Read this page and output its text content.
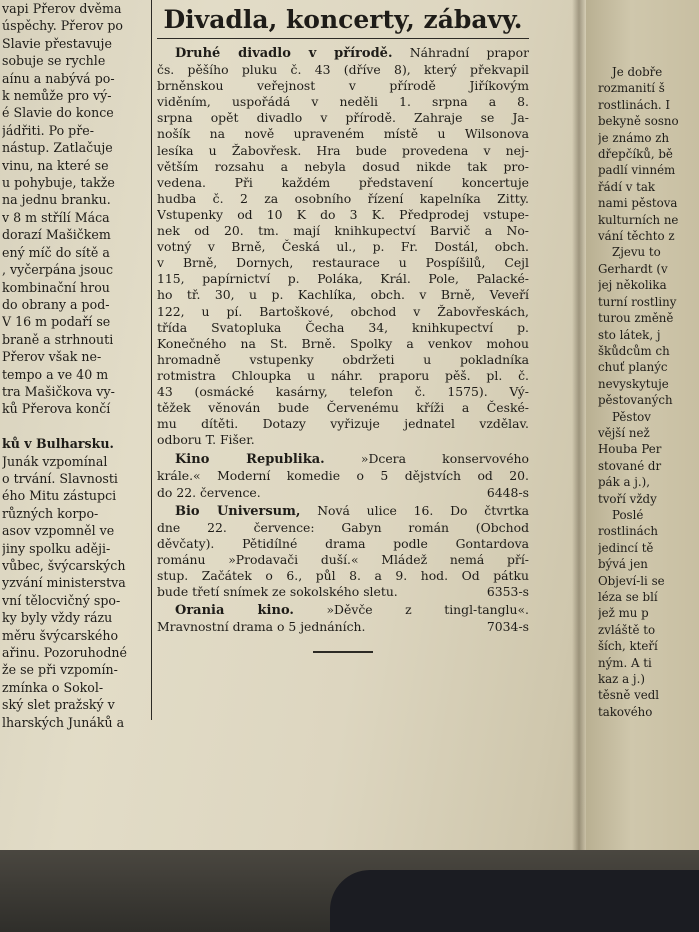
vapi Přerov dvěma
úspěchy. Přerov po
Slavie přestavuje
sobuje se rychle
aínu a nabývá po-
k nemůže pro vý-
é Slavie do konce
jádřiti. Po pře-
nástup. Zatlačuje
vinu, na které se
u pohybuje, takže
na jednu branku.
v 8 m střílí Máca
dorazí Mašičkem
ený míč do sítě a
, vyčerpána jsouc
kombinační hrou
do obrany a pod-
V 16 m podaří se
braně a strhnouti
Přerov však ne-
tempo a ve 40 m
tra Mašičkova vy-
ků Přerova končí

ků v Bulharsku.
Junák vzpomínal
o trvání. Slavnosti
ého Mitu zástupci
různých korpo-
asov vzpomněl ve
jiny spolku aději-
vůbec, švýcarských
yzvání ministerstva
vní tělocvičný spo-
ky byly vždy rázu
měru švýcarského
ařinu. Pozoruhodné
že se při vzpomín-
zmínka o Sokol-
ský slet pražský v
lharských Junáků a
Divadla, koncerty, zábavy.
Druhé divadlo v přírodě. Náhradní prapor
čs. pěšího pluku č. 43 (dříve 8), který překvapil
brněnskou veřejnost v přírodě Jiříkovým
viděním, uspořádá v neděli 1. srpna a 8.
srpna opět divadlo v přírodě. Zahraje se Ja-
nošík na nově upraveném místě u Wilsonova
lesíka u Žabovřesk. Hra bude provedena v nej-
větším rozsahu a nebyla dosud nikde tak pro-
vedena. Při každém představení koncertuje
hudba č. 2 za osobního řízení kapelníka Zitty.
Vstupenky od 10 K do 3 K. Předprodej vstupe-
nek od 20. tm. mají knihkupectví Barvič a No-
votný v Brně, Česká ul., p. Fr. Dostál, obch.
v Brně, Dornych, restaurace u Pospíšilů, Cejl
115, papírnictví p. Poláka, Král. Pole, Palacké-
ho tř. 30, u p. Kachlíka, obch. v Brně, Veveří
122, u pí. Bartoškové, obchod v Žabovřeskách,
třída Svatopluka Čecha 34, knihkupectví p.
Konečného na St. Brně. Spolky a venkov mohou
hromadně vstupenky obdržeti u pokladníka
rotmistra Chloupka u náhr. praporu pěš. pl. č.
43 (osmácké kasárny, telefon č. 1575). Vý-
těžek věnován bude Červenému kříži a České-
mu dítěti. Dotazy vyřizuje jednatel vzdělav.
odboru T. Fišer.
Kino Republika. »Dcera konservového
krále.« Moderní komedie o 5 dějstvích od 20.
do 22. července.	6448-s
Bio Universum, Nová ulice 16. Do čtvrtka
dne 22. července: Gabyn román (Obchod
děvčaty). Pětidílné drama podle Gontardova
románu »Prodavači duší.« Mládež nemá pří-
stup. Začátek o 6., půl 8. a 9. hod. Od pátku
bude třetí snímek ze sokolského sletu.	6353-s
Orania kino. »Děvče z tingl-tanglu«.
Mravnostní drama o 5 jednáních.	7034-s
Je dobře
rozmanití š
rostlinách. I
bekyně sosno
je známo zh
dřepčíků, bě
padlí vinném
řádí v tak
nami pěstova
kulturních ne
vání těchto z
Zjevu to
Gerhardt (v
jej několika
turní rostliny
turou změně
sto látek, j
škůdcům ch
chuť planýc
nevyskytuje
pěstovaných
Pěstov
vější než
Houba Per
stované dr
pák a j.),
tvoří vždy
Poslé
rostlinách
jedincí tě
bývá jen
Objeví-li se
léza se blí
jež mu p
zvláště to
ších, kteří
ným. A ti
kaz a j.)
těsně vedl
takového
